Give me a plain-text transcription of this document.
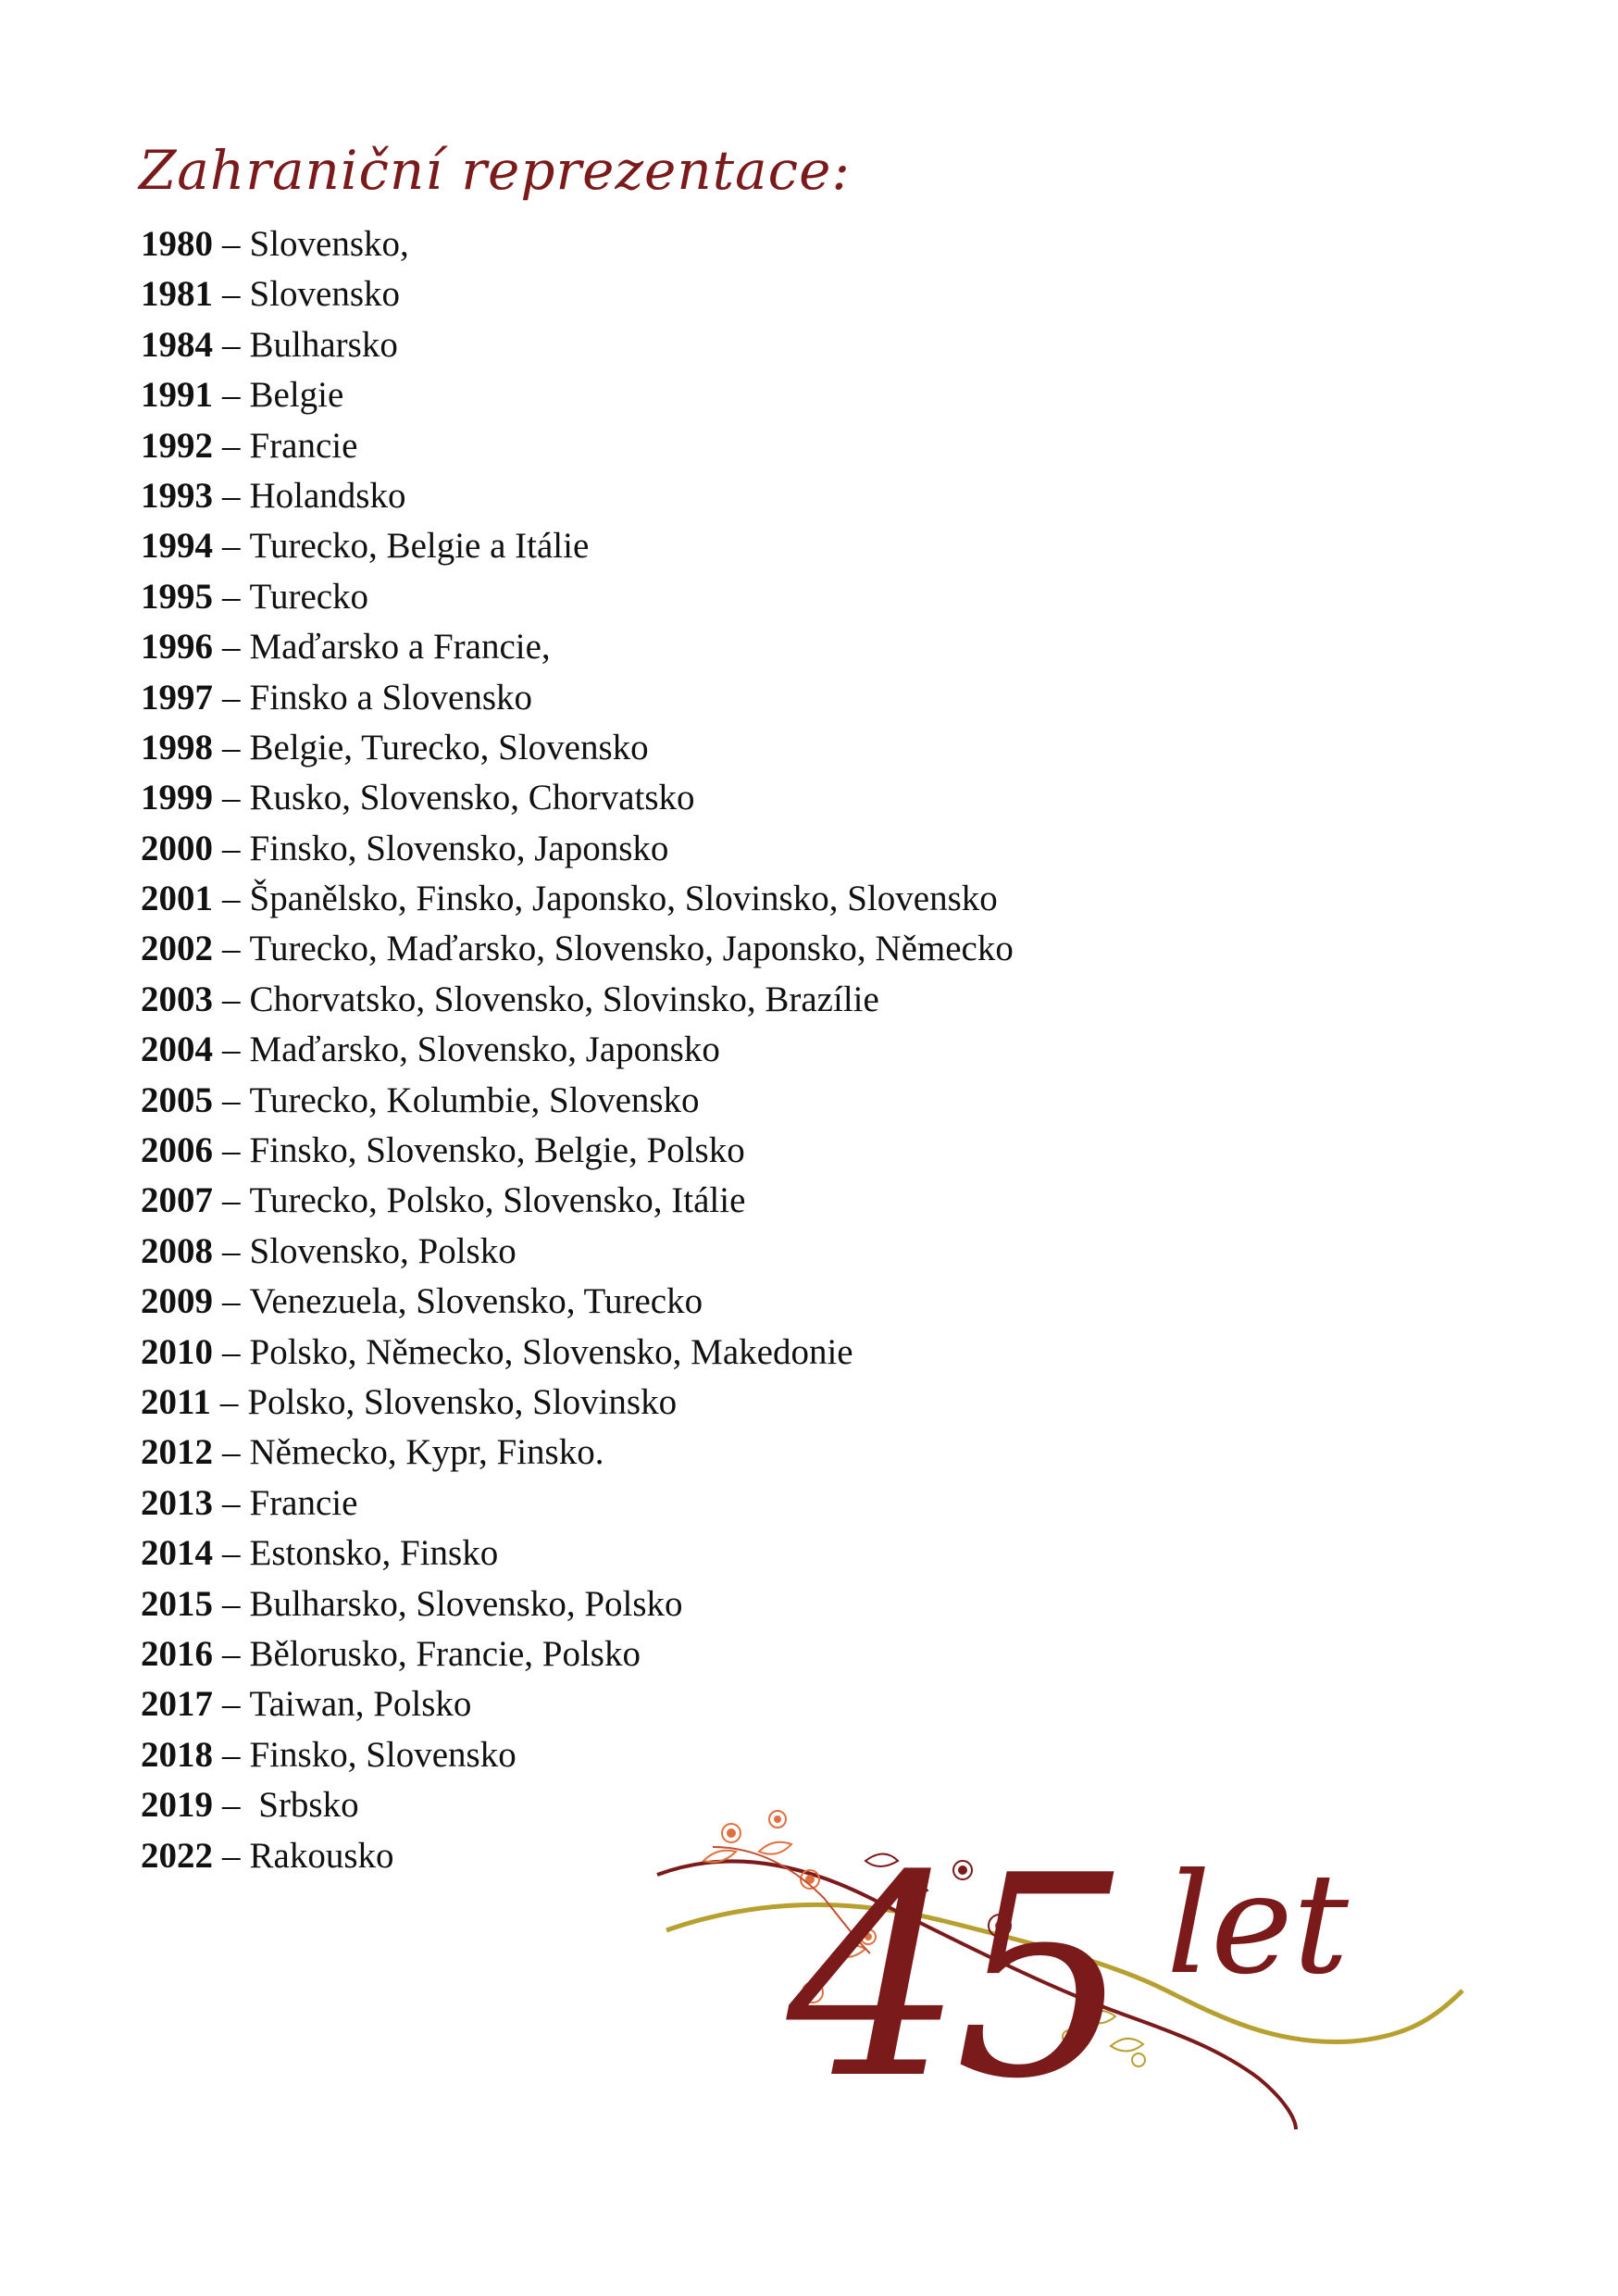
Zahraniční reprezentace:
1980 – Slovensko,
1981 – Slovensko
1984 – Bulharsko
1991 – Belgie
1992 – Francie
1993 – Holandsko
1994 – Turecko, Belgie a Itálie
1995 – Turecko
1996 – Maďarsko a Francie,
1997 – Finsko a Slovensko
1998 – Belgie, Turecko, Slovensko
1999 – Rusko, Slovensko, Chorvatsko
2000 – Finsko, Slovensko, Japonsko
2001 – Španělsko, Finsko, Japonsko, Slovinsko, Slovensko
2002 – Turecko, Maďarsko, Slovensko, Japonsko, Německo
2003 – Chorvatsko, Slovensko, Slovinsko, Brazílie
2004 – Maďarsko, Slovensko, Japonsko
2005 – Turecko, Kolumbie, Slovensko
2006 – Finsko, Slovensko, Belgie, Polsko
2007 – Turecko, Polsko, Slovensko, Itálie
2008 – Slovensko, Polsko
2009 – Venezuela, Slovensko, Turecko
2010 – Polsko, Německo, Slovensko, Makedonie
2011 – Polsko, Slovensko, Slovinsko
2012 – Německo, Kypr, Finsko.
2013 – Francie
2014 – Estonsko, Finsko
2015 – Bulharsko, Slovensko, Polsko
2016 – Bělorusko, Francie, Polsko
2017 – Taiwan, Polsko
2018 – Finsko, Slovensko
2019 – Srbsko
2022 – Rakousko	45 let
